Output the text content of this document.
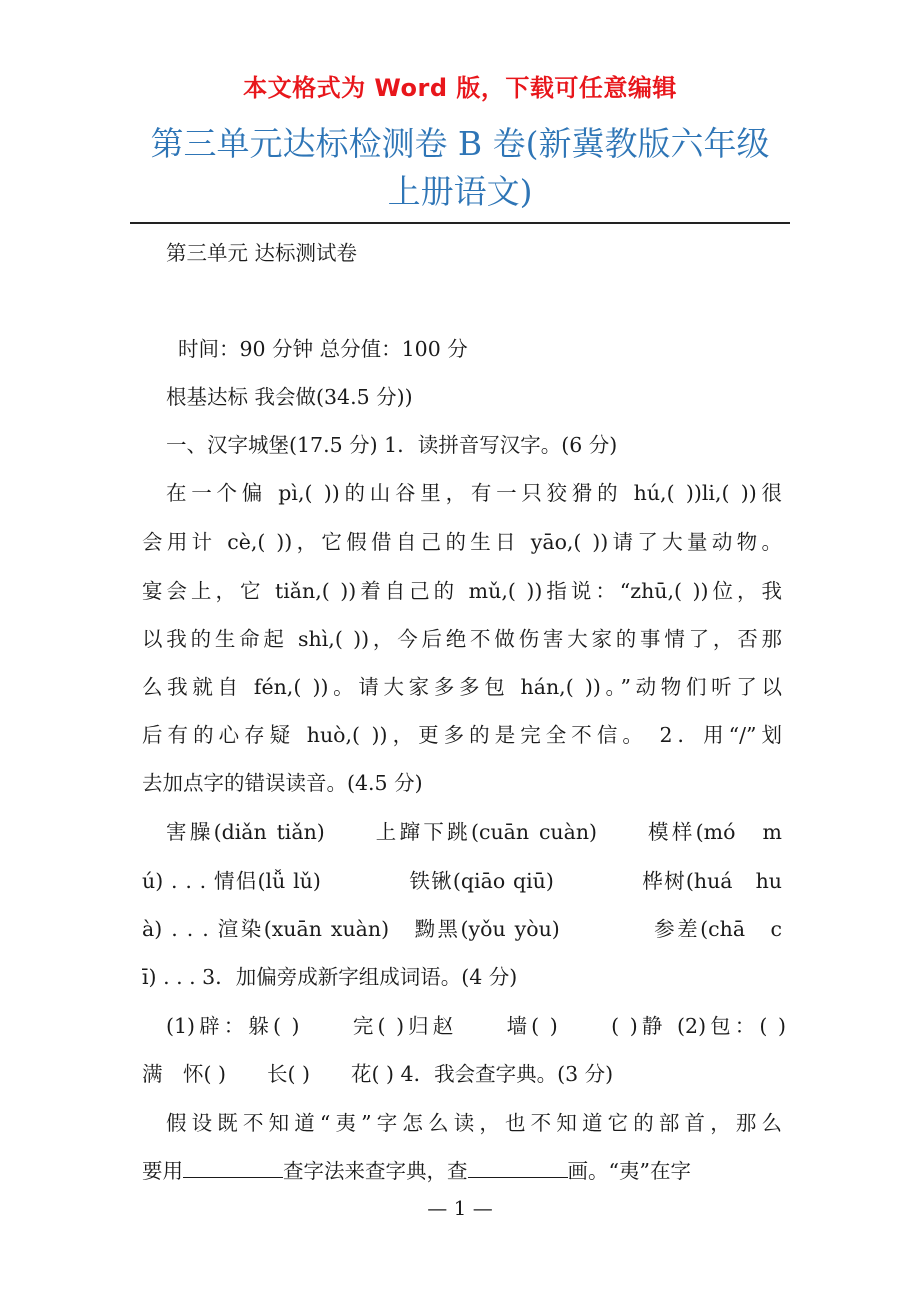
本文格式为 Word 版，下载可任意编辑
第三单元达标检测卷 B 卷(新冀教版六年级
上册语文)
第三单元 达标测试卷
时间：90 分钟 总分值：100 分
根基达标 我会做(34.5 分))
一、汉字城堡(17.5 分) 1．读拼音写汉字。(6 分)
在一个偏 pì,( ))的山谷里，有一只狡猾的 hú,( ))li,( ))很
会用计 cè,( ))，它假借自己的生日 yāo,( ))请了大量动物。
宴会上，它 tiǎn,( ))着自己的 mǔ,( ))指说：“zhū,( ))位，我
以我的生命起 shì,( ))，今后绝不做伤害大家的事情了，否那
么我就自 fén,( ))。请大家多多包 hán,( ))。”动物们听了以
后有的心存疑 huò,( ))，更多的是完全不信。 2．用“/”划
去加点字的错误读音。(4.5 分)
害臊(diǎn tiǎn)　　上蹿下跳(cuān cuàn)　　模样(mó　m
ú) . . . 情侣(lǚ lǔ)　　　　铁锹(qiāo qiū)　　　　桦树(huá　hu
à) . . . 渲染(xuān xuàn)　黝黑(yǒu yòu)　　　　参差(chā　c
ī) . . . 3．加偏旁成新字组成词语。(4 分)
(1)辟：躲( )　　完( )归赵　　墙( )　　( )静 (2)包：( )
满　怀( )　　长( )　　花( ) 4．我会查字典。(3 分)
假设既不知道“夷”字怎么读，也不知道它的部首，那么
要用	查字法来查字典，查	画。“夷”在字
— 1 —
